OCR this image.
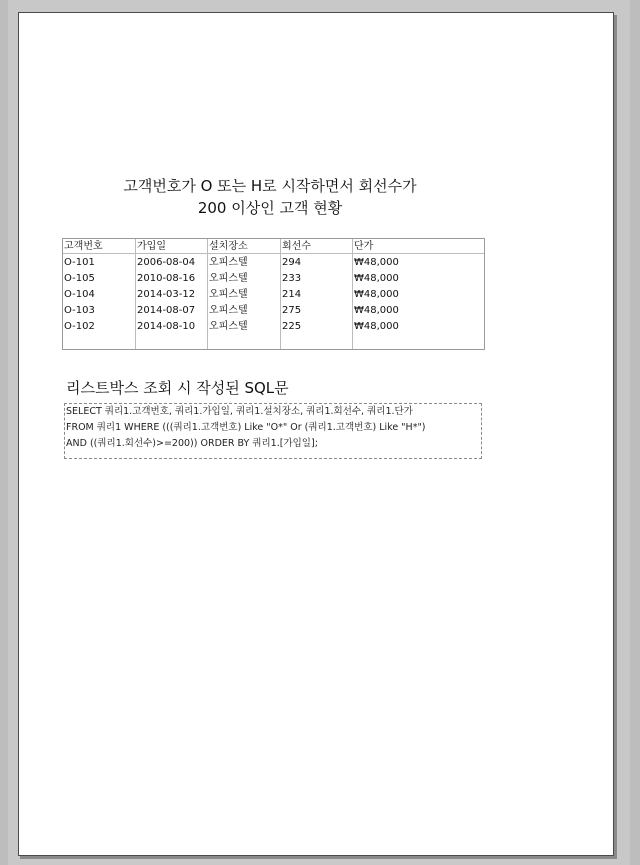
고객번호가 O 또는 H로 시작하면서 회선수가
200 이상인 고객 현황
고객번호	가입일	설치장소	회선수	단가
O-101	2006-08-04 오피스텔	294	₩48,000
O-105	2010-08-16 오피스텔	233	₩48,000
O-104	2014-03-12 오피스텔	214	₩48,000
O-103	2014-08-07 오피스텔	275	₩48,000
O-102	2014-08-10 오피스텔	225	₩48,000
리스트박스 조회 시 작성된 SQL문
SELECT 쿼리1.고객번호, 쿼리1.가입일, 쿼리1.설치장소, 쿼리1.회선수, 쿼리1.단가
FROM 쿼리1 WHERE (((쿼리1.고객번호) Like "O*" Or (쿼리1.고객번호) Like "H*")
AND ((쿼리1.회선수)>=200)) ORDER BY 쿼리1.[가입일];
